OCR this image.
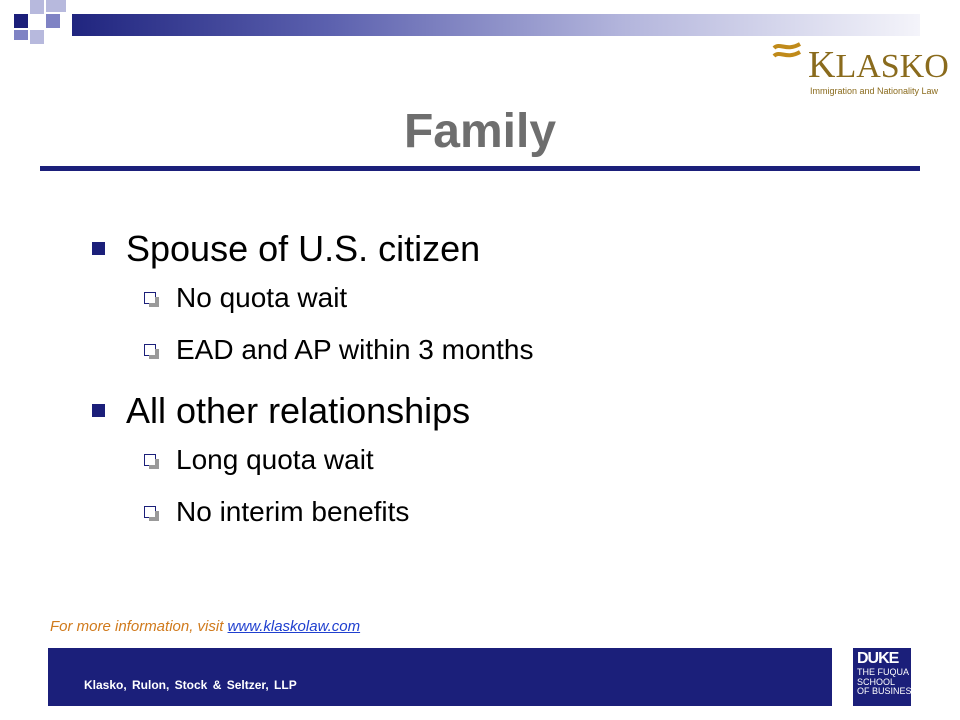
KLASKO
Immigration and Nationality Law
Family
Spouse of U.S. citizen
No quota wait
EAD and AP within 3 months
All other relationships
Long quota wait
No interim benefits
For more information, visit www.klaskolaw.com
Klasko, Rulon, Stock & Seltzer, LLP
DUKE
THE FUQUA
SCHOOL
OF BUSINESS
